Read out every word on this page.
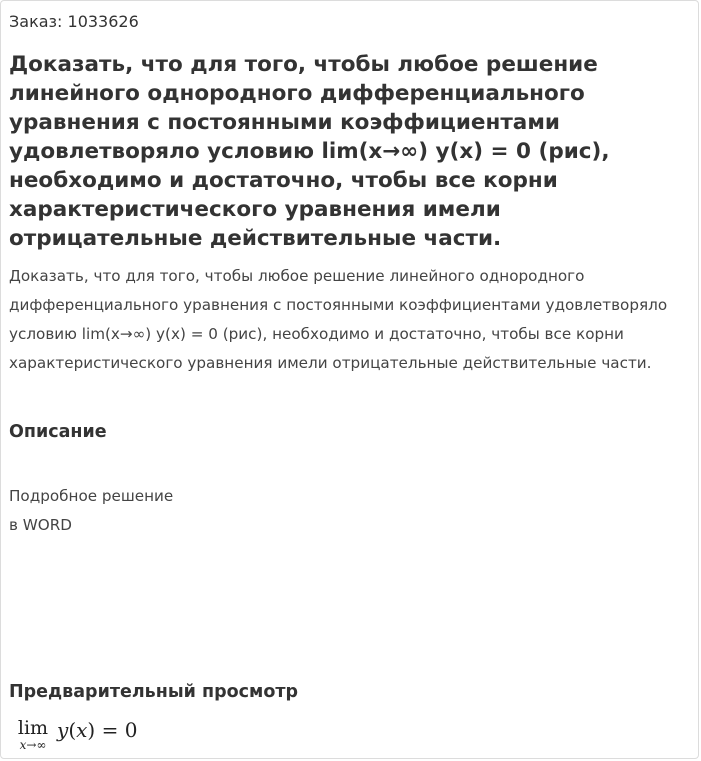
Заказ: 1033626
Доказать, что для того, чтобы любое решение линейного однородного дифференциального уравнения с постоянными коэффициентами удовлетворяло условию lim(x→∞) y(x) = 0 (рис), необходимо и достаточно, чтобы все корни характеристического уравнения имели отрицательные действительные части.
Доказать, что для того, чтобы любое решение линейного однородного дифференциального уравнения с постоянными коэффициентами удовлетворяло условию lim(x→∞) y(x) = 0 (рис), необходимо и достаточно, чтобы все корни характеристического уравнения имели отрицательные действительные части.
Описание
Подробное решение
в WORD
Предварительный просмотр
lim
x→∞
y(x) = 0
